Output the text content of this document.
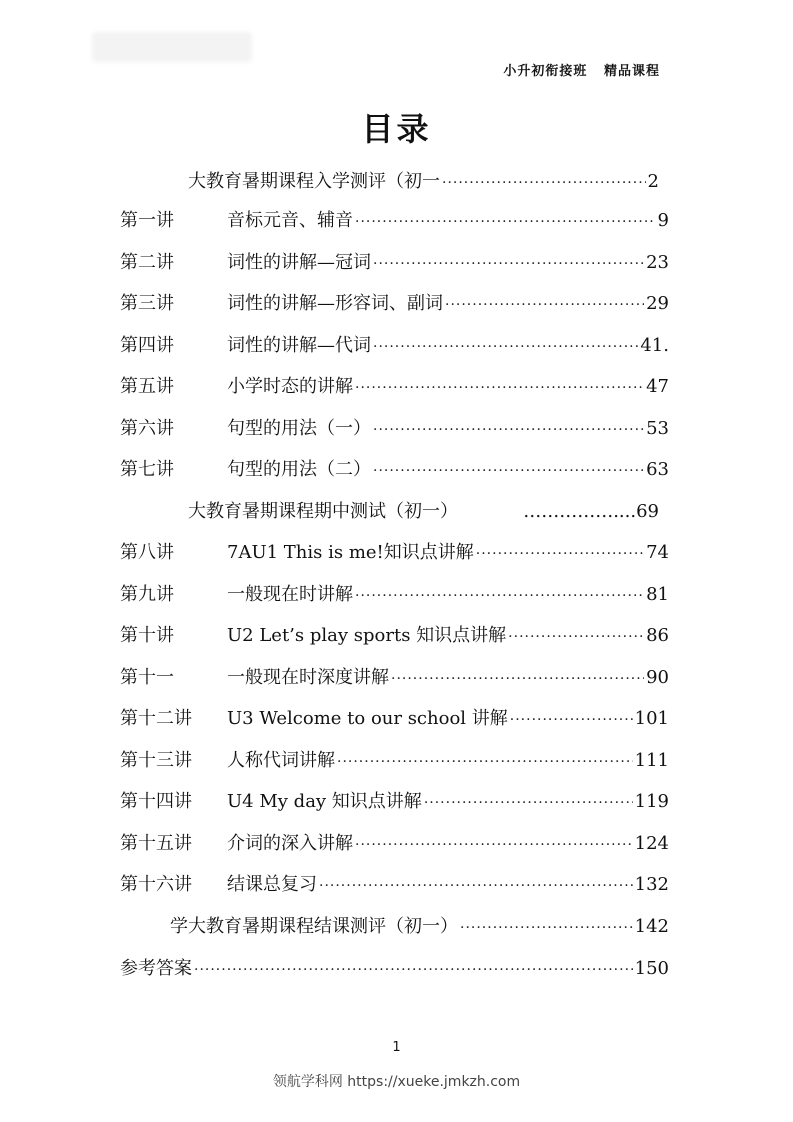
小升初衔接班   精品课程
目录
大教育暑期课程入学测评（初一 ·····	2
第一讲	音标元音、辅音 ·····	9
第二讲	词性的讲解—冠词 ·····	23
第三讲	词性的讲解—形容词、副词 ·····	29
第四讲	词性的讲解—代词 ·····	41.
第五讲	小学时态的讲解 ·····	47
第六讲	句型的用法（一） ·····	53
第七讲	句型的用法（二） ·····	63
大教育暑期课程期中测试（初一）	……………....69
第八讲	7AU1 This is me!知识点讲解 ·····	74
第九讲	一般现在时讲解 ·····	81
第十讲	U2 Let’s play sports 知识点讲解 ·····	86
第十一	一般现在时深度讲解 ·····	90
第十二讲	U3 Welcome to our school 讲解 ·····	101
第十三讲	人称代词讲解 ·····	111
第十四讲	U4 My day 知识点讲解 ·····	119
第十五讲	介词的深入讲解 ·····	124
第十六讲	结课总复习 ·····	132
学大教育暑期课程结课测评（初一） ·····	142
参考答案 ·····	150
1
领航学科网 https://xueke.jmkzh.com
